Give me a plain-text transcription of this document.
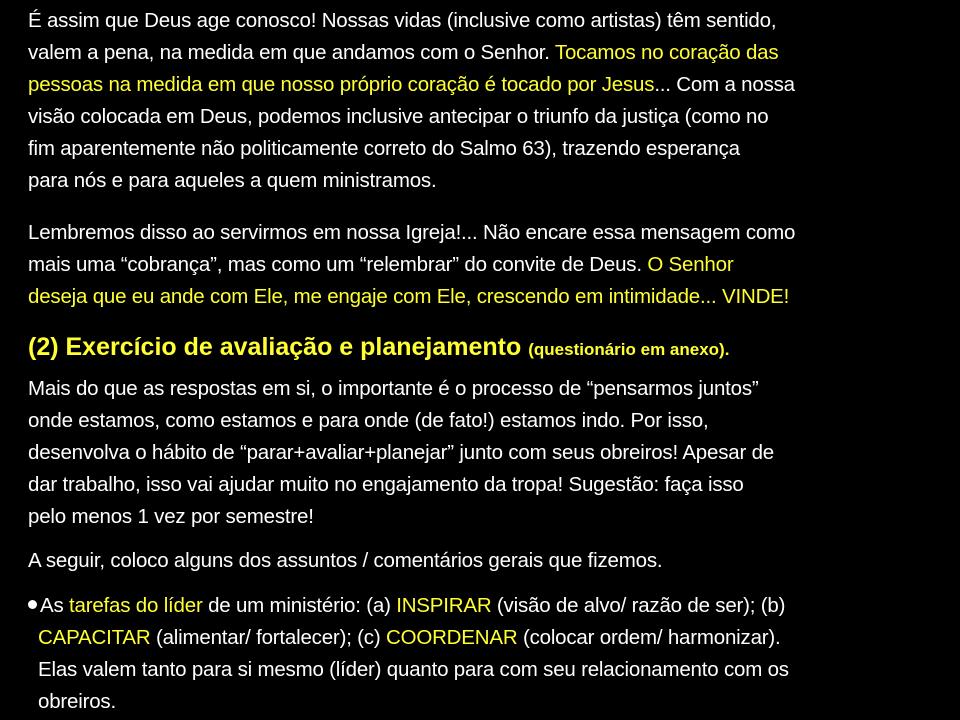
É assim que Deus age conosco! Nossas vidas (inclusive como artistas) têm sentido,
valem a pena, na medida em que andamos com o Senhor. Tocamos no coração das
pessoas na medida em que nosso próprio coração é tocado por Jesus... Com a nossa
visão colocada em Deus, podemos inclusive antecipar o triunfo da justiça (como no
fim aparentemente não politicamente correto do Salmo 63), trazendo esperança
para nós e para aqueles a quem ministramos.
Lembremos disso ao servirmos em nossa Igreja!... Não encare essa mensagem como
mais uma “cobrança”, mas como um “relembrar” do convite de Deus. O Senhor
deseja que eu ande com Ele, me engaje com Ele, crescendo em intimidade... VINDE!
(2) Exercício de avaliação e planejamento (questionário em anexo).
Mais do que as respostas em si, o importante é o processo de “pensarmos juntos”
onde estamos, como estamos e para onde (de fato!) estamos indo. Por isso,
desenvolva o hábito de “parar+avaliar+planejar” junto com seus obreiros! Apesar de
dar trabalho, isso vai ajudar muito no engajamento da tropa! Sugestão: faça isso
pelo menos 1 vez por semestre!
A seguir, coloco alguns dos assuntos / comentários gerais que fizemos.
As tarefas do líder de um ministério: (a) INSPIRAR (visão de alvo/ razão de ser); (b)
CAPACITAR (alimentar/ fortalecer); (c) COORDENAR (colocar ordem/ harmonizar).
Elas valem tanto para si mesmo (líder) quanto para com seu relacionamento com os
obreiros.
